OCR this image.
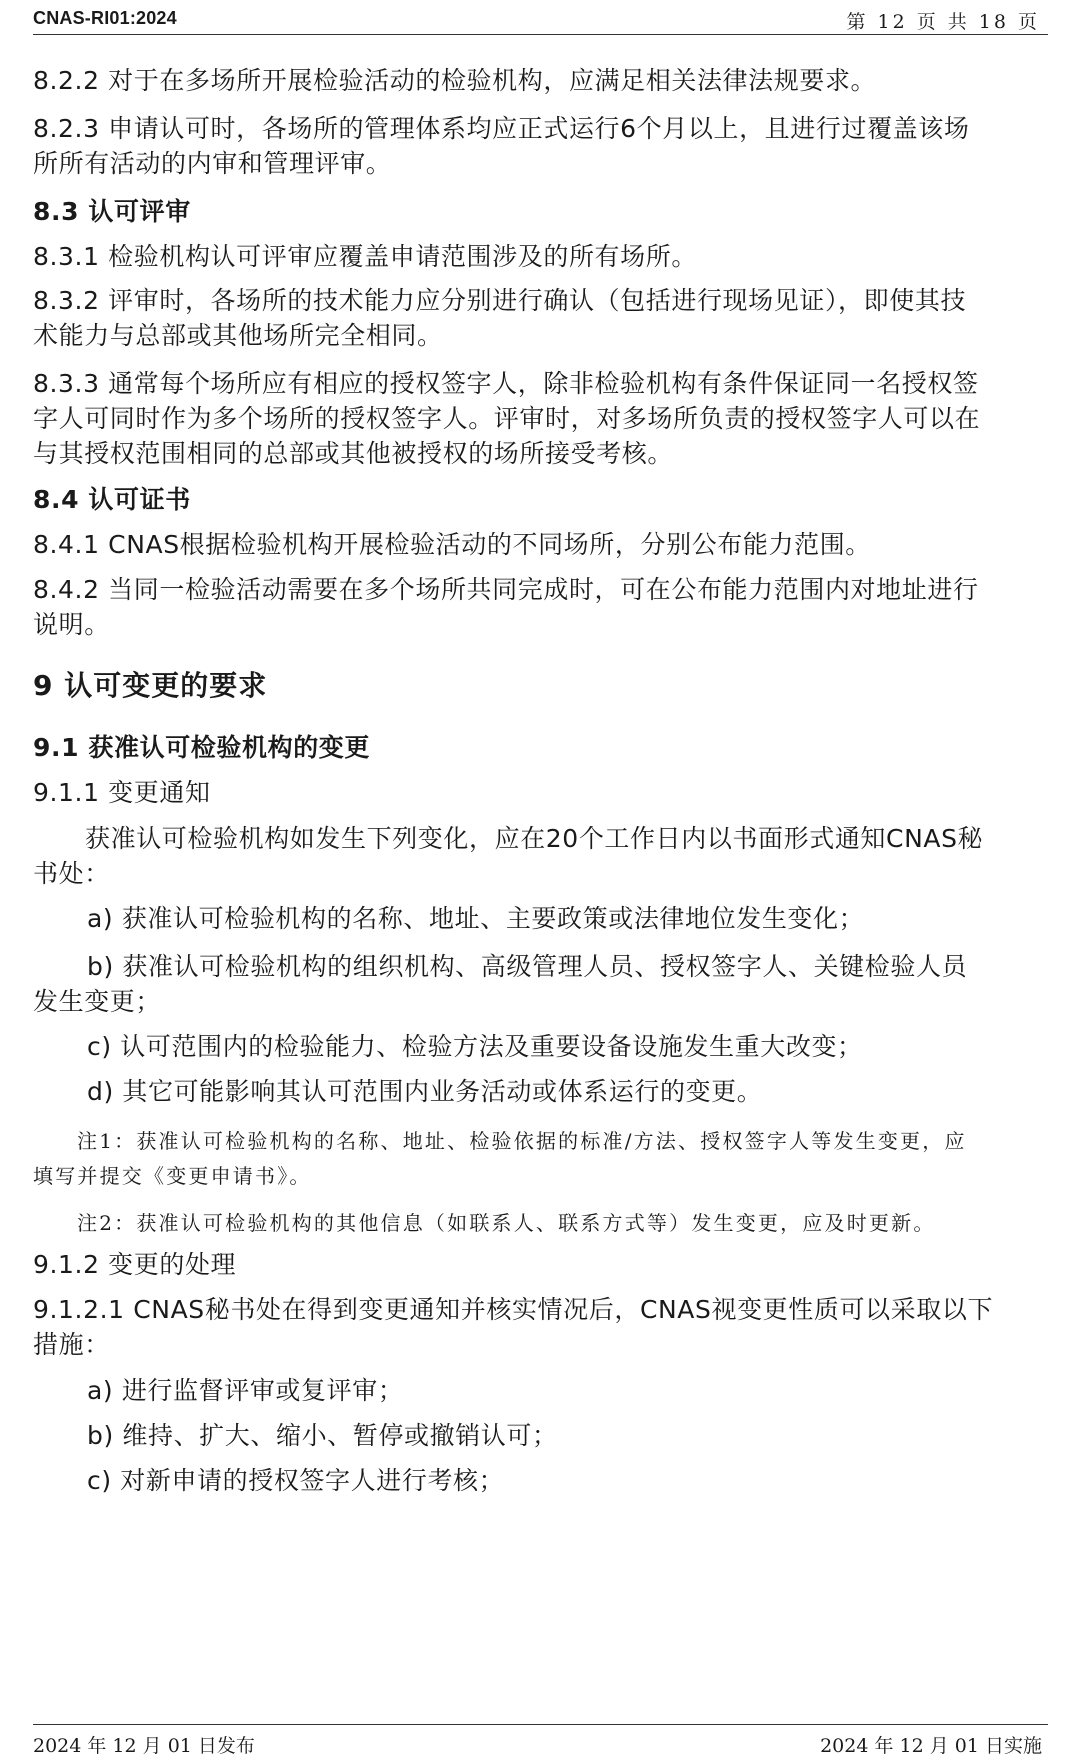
CNAS-RI01:2024	第 12 页 共 18 页
8.2.2 对于在多场所开展检验活动的检验机构，应满足相关法律法规要求。
8.2.3 申请认可时，各场所的管理体系均应正式运行6个月以上，且进行过覆盖该场
所所有活动的内审和管理评审。
8.3 认可评审
8.3.1 检验机构认可评审应覆盖申请范围涉及的所有场所。
8.3.2 评审时，各场所的技术能力应分别进行确认（包括进行现场见证），即使其技
术能力与总部或其他场所完全相同。
8.3.3 通常每个场所应有相应的授权签字人，除非检验机构有条件保证同一名授权签
字人可同时作为多个场所的授权签字人。评审时，对多场所负责的授权签字人可以在
与其授权范围相同的总部或其他被授权的场所接受考核。
8.4 认可证书
8.4.1 CNAS根据检验机构开展检验活动的不同场所，分别公布能力范围。
8.4.2 当同一检验活动需要在多个场所共同完成时，可在公布能力范围内对地址进行
说明。
9 认可变更的要求
9.1 获准认可检验机构的变更
9.1.1 变更通知
获准认可检验机构如发生下列变化，应在20个工作日内以书面形式通知CNAS秘
书处：
a) 获准认可检验机构的名称、地址、主要政策或法律地位发生变化；
b) 获准认可检验机构的组织机构、高级管理人员、授权签字人、关键检验人员
发生变更；
c) 认可范围内的检验能力、检验方法及重要设备设施发生重大改变；
d) 其它可能影响其认可范围内业务活动或体系运行的变更。
注1：获准认可检验机构的名称、地址、检验依据的标准/方法、授权签字人等发生变更，应
填写并提交《变更申请书》。
注2：获准认可检验机构的其他信息（如联系人、联系方式等）发生变更，应及时更新。
9.1.2 变更的处理
9.1.2.1 CNAS秘书处在得到变更通知并核实情况后，CNAS视变更性质可以采取以下
措施：
a) 进行监督评审或复评审；
b) 维持、扩大、缩小、暂停或撤销认可；
c) 对新申请的授权签字人进行考核；
2024 年 12 月 01 日发布	2024 年 12 月 01 日实施
